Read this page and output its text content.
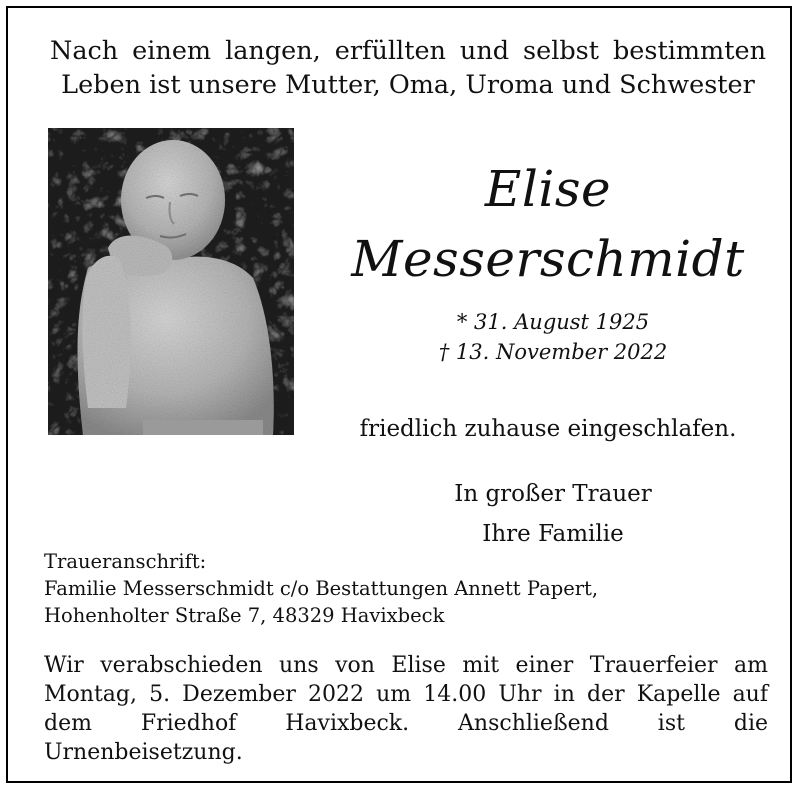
Nach einem langen, erfüllten und selbst bestimmten
Leben ist unsere Mutter, Oma, Uroma und Schwester
Elise
Messerschmidt
* 31. August 1925
† 13. November 2022
friedlich zuhause eingeschlafen.
In großer Trauer
Ihre Familie
Traueranschrift:
Familie Messerschmidt c/o Bestattungen Annett Papert,
Hohenholter Straße 7, 48329 Havixbeck
Wir verabschieden uns von Elise mit einer Trauerfeier am
Montag, 5. Dezember 2022 um 14.00 Uhr in der Kapelle auf
dem Friedhof Havixbeck. Anschließend ist die
Urnenbeisetzung.
